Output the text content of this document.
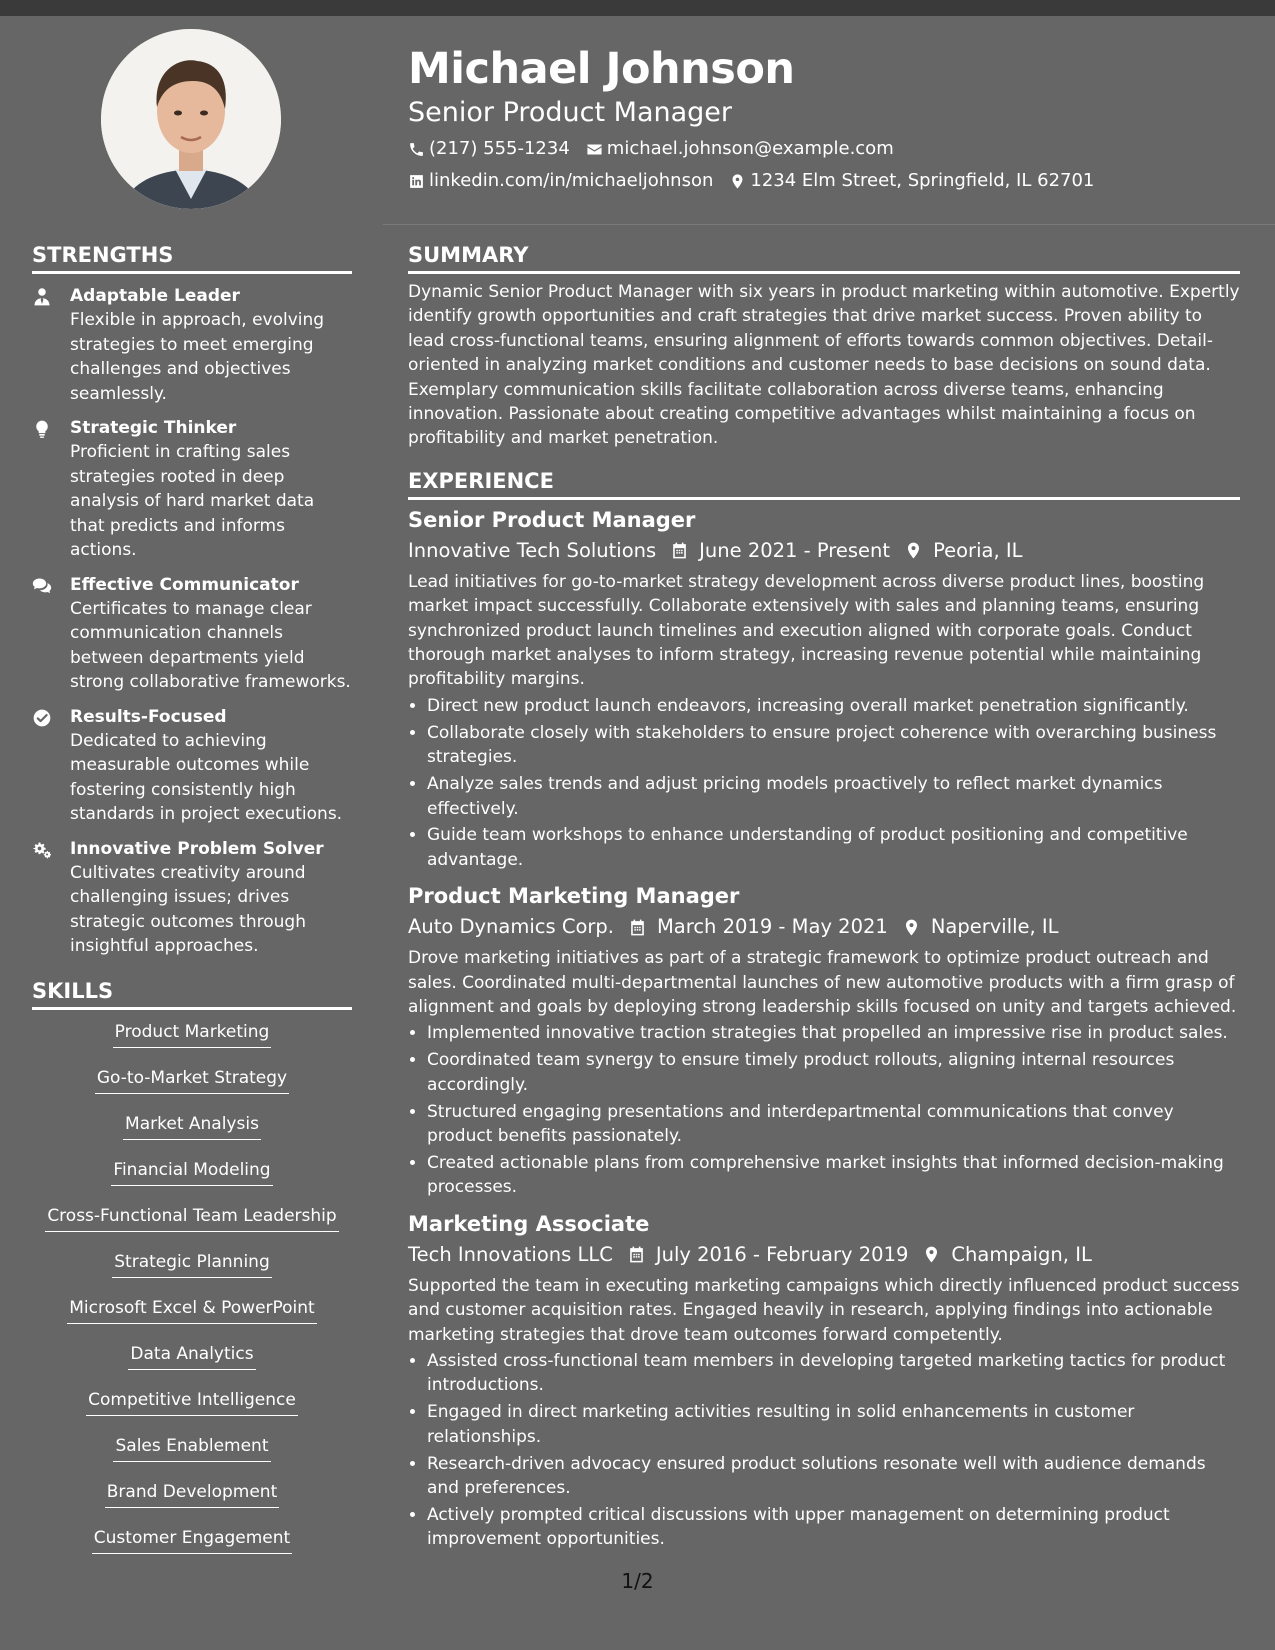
Michael Johnson
Senior Product Manager
(217) 555-1234 michael.johnson@example.com
linkedin.com/in/michaeljohnson 1234 Elm Street, Springfield, IL 62701
STRENGTHS
Adaptable Leader
Flexible in approach, evolving strategies to meet emerging challenges and objectives seamlessly.
Strategic Thinker
Proficient in crafting sales strategies rooted in deep analysis of hard market data that predicts and informs actions.
Effective Communicator
Certificates to manage clear communication channels between departments yield strong collaborative frameworks.
Results-Focused
Dedicated to achieving measurable outcomes while fostering consistently high standards in project executions.
Innovative Problem Solver
Cultivates creativity around challenging issues; drives strategic outcomes through insightful approaches.
SKILLS
Product Marketing
Go-to-Market Strategy
Market Analysis
Financial Modeling
Cross-Functional Team Leadership
Strategic Planning
Microsoft Excel & PowerPoint
Data Analytics
Competitive Intelligence
Sales Enablement
Brand Development
Customer Engagement
SUMMARY
Dynamic Senior Product Manager with six years in product marketing within automotive. Expertly identify growth opportunities and craft strategies that drive market success. Proven ability to lead cross-functional teams, ensuring alignment of efforts towards common objectives. Detail-oriented in analyzing market conditions and customer needs to base decisions on sound data. Exemplary communication skills facilitate collaboration across diverse teams, enhancing innovation. Passionate about creating competitive advantages whilst maintaining a focus on profitability and market penetration.
EXPERIENCE
Senior Product Manager
Innovative Tech Solutions June 2021 - Present Peoria, IL
Lead initiatives for go-to-market strategy development across diverse product lines, boosting market impact successfully. Collaborate extensively with sales and planning teams, ensuring synchronized product launch timelines and execution aligned with corporate goals. Conduct thorough market analyses to inform strategy, increasing revenue potential while maintaining profitability margins.
• Direct new product launch endeavors, increasing overall market penetration significantly.
• Collaborate closely with stakeholders to ensure project coherence with overarching business strategies.
• Analyze sales trends and adjust pricing models proactively to reflect market dynamics effectively.
• Guide team workshops to enhance understanding of product positioning and competitive advantage.
Product Marketing Manager
Auto Dynamics Corp. March 2019 - May 2021 Naperville, IL
Drove marketing initiatives as part of a strategic framework to optimize product outreach and sales. Coordinated multi-departmental launches of new automotive products with a firm grasp of alignment and goals by deploying strong leadership skills focused on unity and targets achieved.
• Implemented innovative traction strategies that propelled an impressive rise in product sales.
• Coordinated team synergy to ensure timely product rollouts, aligning internal resources accordingly.
• Structured engaging presentations and interdepartmental communications that convey product benefits passionately.
• Created actionable plans from comprehensive market insights that informed decision-making processes.
Marketing Associate
Tech Innovations LLC July 2016 - February 2019 Champaign, IL
Supported the team in executing marketing campaigns which directly influenced product success and customer acquisition rates. Engaged heavily in research, applying findings into actionable marketing strategies that drove team outcomes forward competently.
• Assisted cross-functional team members in developing targeted marketing tactics for product introductions.
• Engaged in direct marketing activities resulting in solid enhancements in customer relationships.
• Research-driven advocacy ensured product solutions resonate well with audience demands and preferences.
• Actively prompted critical discussions with upper management on determining product improvement opportunities.
1/2
